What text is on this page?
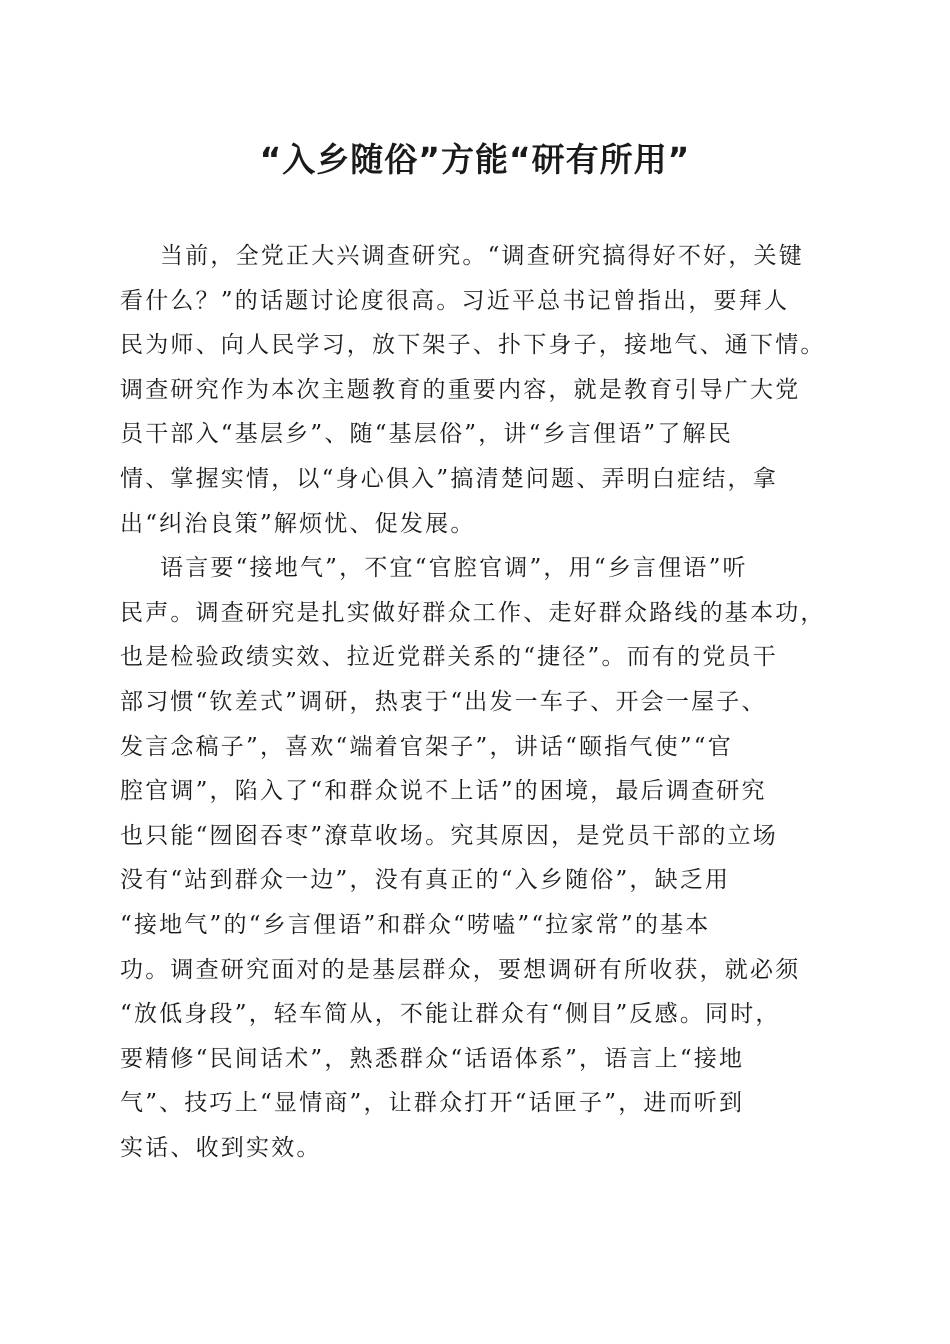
“入乡随俗”方能“研有所用”
当前，全党正大兴调查研究。“调查研究搞得好不好，关键
看什么？”的话题讨论度很高。习近平总书记曾指出，要拜人
民为师、向人民学习，放下架子、扑下身子，接地气、通下情。
调查研究作为本次主题教育的重要内容，就是教育引导广大党
员干部入“基层乡”、随“基层俗”，讲“乡言俚语”了解民
情、掌握实情，以“身心俱入”搞清楚问题、弄明白症结，拿
出“纠治良策”解烦忧、促发展。
语言要“接地气”，不宜“官腔官调”，用“乡言俚语”听
民声。调查研究是扎实做好群众工作、走好群众路线的基本功，
也是检验政绩实效、拉近党群关系的“捷径”。而有的党员干
部习惯“钦差式”调研，热衷于“出发一车子、开会一屋子、
发言念稿子”，喜欢“端着官架子”，讲话“颐指气使”“官
腔官调”，陷入了“和群众说不上话”的困境，最后调查研究
也只能“囫囵吞枣”潦草收场。究其原因，是党员干部的立场
没有“站到群众一边”，没有真正的“入乡随俗”，缺乏用
“接地气”的“乡言俚语”和群众“唠嗑”“拉家常”的基本
功。调查研究面对的是基层群众，要想调研有所收获，就必须
“放低身段”，轻车简从，不能让群众有“侧目”反感。同时，
要精修“民间话术”，熟悉群众“话语体系”，语言上“接地
气”、技巧上“显情商”，让群众打开“话匣子”，进而听到
实话、收到实效。
